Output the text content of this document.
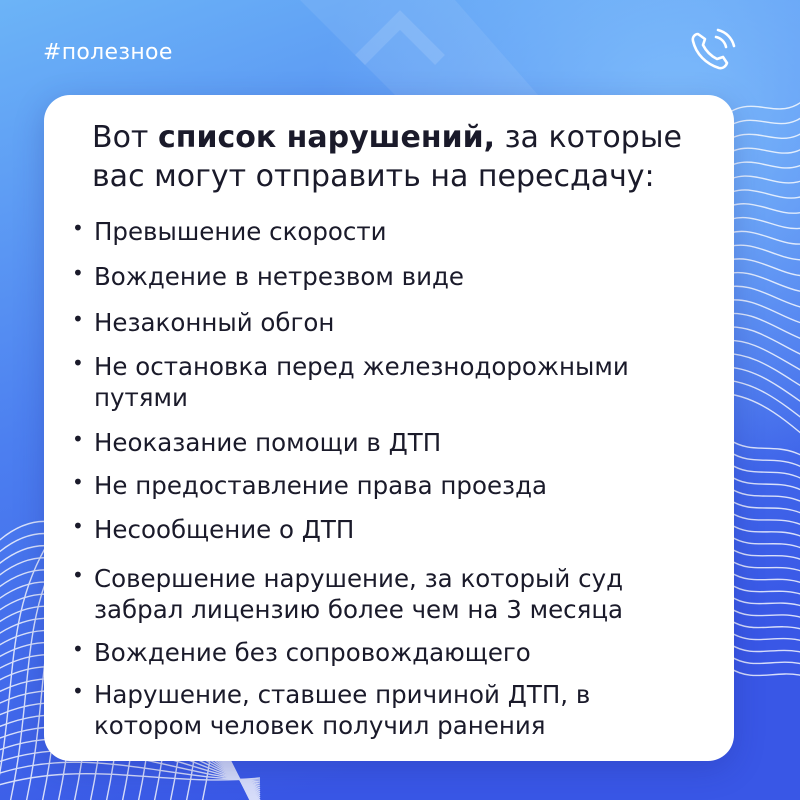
#полезное
Вот список нарушений, за которые вас могут отправить на пересдачу:
• Превышение скорости
• Вождение в нетрезвом виде
• Незаконный обгон
• Не остановка перед железнодорожными путями
• Неоказание помощи в ДТП
• Не предоставление права проезда
• Несообщение о ДТП
• Совершение нарушение, за который суд забрал лицензию более чем на 3 месяца
• Вождение без сопровождающего
• Нарушение, ставшее причиной ДТП, в котором человек получил ранения
